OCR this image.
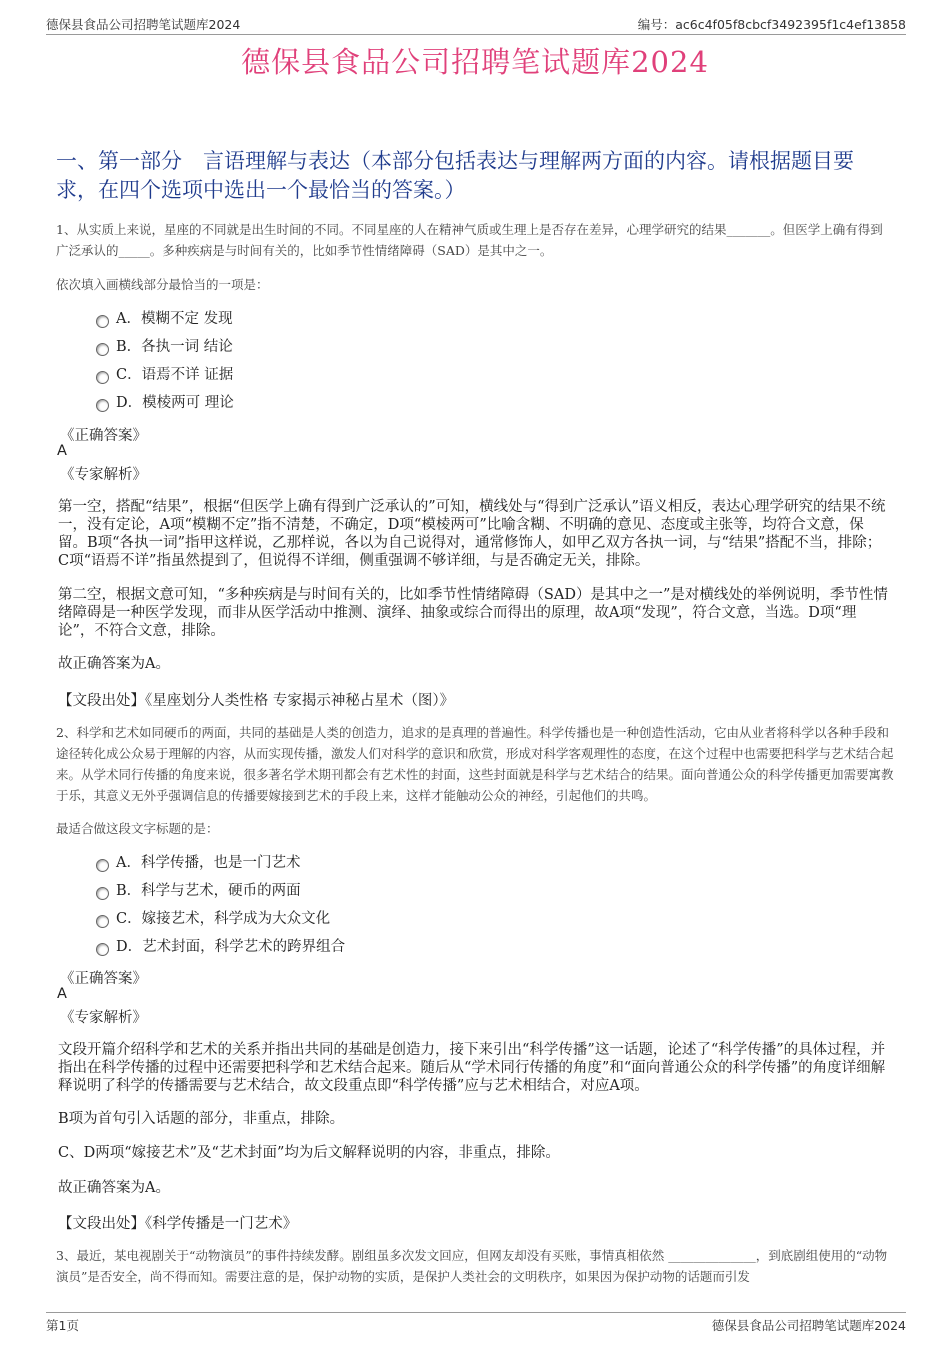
德保县食品公司招聘笔试题库2024	编号：ac6c4f05f8cbcf3492395f1c4ef13858
德保县食品公司招聘笔试题库2024
一、第一部分　言语理解与表达（本部分包括表达与理解两方面的内容。请根据题目要求，在四个选项中选出一个最恰当的答案。）
1、从实质上来说，星座的不同就是出生时间的不同。不同星座的人在精神气质或生理上是否存在差异，心理学研究的结果_______。但医学上确有得到广泛承认的_____。多种疾病是与时间有关的，比如季节性情绪障碍（SAD）是其中之一。
依次填入画横线部分最恰当的一项是：
A．模糊不定 发现
B．各执一词 结论
C．语焉不详 证据
D．模棱两可 理论
《正确答案》
A
《专家解析》
第一空，搭配“结果”，根据“但医学上确有得到广泛承认的”可知，横线处与“得到广泛承认”语义相反，表达心理学研究的结果不统一，没有定论，A项“模糊不定”指不清楚，不确定，D项“模棱两可”比喻含糊、不明确的意见、态度或主张等，均符合文意，保留。B项“各执一词”指甲这样说，乙那样说，各以为自己说得对，通常修饰人，如甲乙双方各执一词，与“结果”搭配不当，排除；C项“语焉不详”指虽然提到了，但说得不详细，侧重强调不够详细，与是否确定无关，排除。
第二空，根据文意可知，“多种疾病是与时间有关的，比如季节性情绪障碍（SAD）是其中之一”是对横线处的举例说明，季节性情绪障碍是一种医学发现，而非从医学活动中推测、演绎、抽象或综合而得出的原理，故A项“发现”，符合文意，当选。D项“理论”，不符合文意，排除。
故正确答案为A。
【文段出处】《星座划分人类性格 专家揭示神秘占星术（图）》
2、科学和艺术如同硬币的两面，共同的基础是人类的创造力，追求的是真理的普遍性。科学传播也是一种创造性活动，它由从业者将科学以各种手段和途径转化成公众易于理解的内容，从而实现传播，激发人们对科学的意识和欣赏，形成对科学客观理性的态度，在这个过程中也需要把科学与艺术结合起来。从学术同行传播的角度来说，很多著名学术期刊都会有艺术性的封面，这些封面就是科学与艺术结合的结果。面向普通公众的科学传播更加需要寓教于乐，其意义无外乎强调信息的传播要嫁接到艺术的手段上来，这样才能触动公众的神经，引起他们的共鸣。
最适合做这段文字标题的是：
A．科学传播，也是一门艺术
B．科学与艺术，硬币的两面
C．嫁接艺术，科学成为大众文化
D．艺术封面，科学艺术的跨界组合
《正确答案》
A
《专家解析》
文段开篇介绍科学和艺术的关系并指出共同的基础是创造力，接下来引出“科学传播”这一话题，论述了“科学传播”的具体过程，并指出在科学传播的过程中还需要把科学和艺术结合起来。随后从“学术同行传播的角度”和“面向普通公众的科学传播”的角度详细解释说明了科学的传播需要与艺术结合，故文段重点即“科学传播”应与艺术相结合，对应A项。
B项为首句引入话题的部分，非重点，排除。
C、D两项“嫁接艺术”及“艺术封面”均为后文解释说明的内容，非重点，排除。
故正确答案为A。
【文段出处】《科学传播是一门艺术》
3、最近，某电视剧关于“动物演员”的事件持续发酵。剧组虽多次发文回应，但网友却没有买账，事情真相依然 ______________，到底剧组使用的“动物演员”是否安全，尚不得而知。需要注意的是，保护动物的实质，是保护人类社会的文明秩序，如果因为保护动物的话题而引发
第1页	德保县食品公司招聘笔试题库2024
